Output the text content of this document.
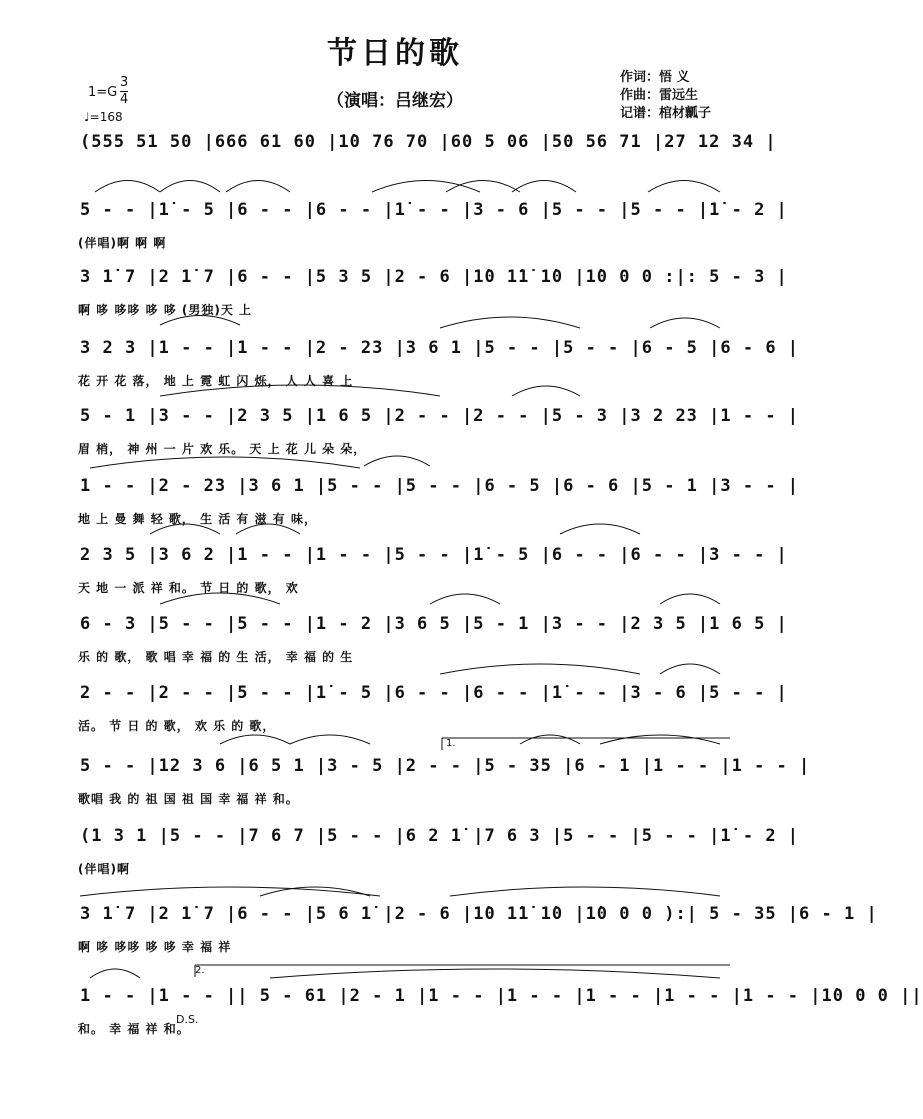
节日的歌
（演唱：吕继宏）
作词：悟 义
作曲：雷远生
记谱：棺材瓤子
1=G
3
4
♩=168
(555 51 50 |666 61 60 |1̇0 76 70 |60 5 06 |50 56 71 |27 12 34 |
5 - - |1̇ - 5 |6 - - |6 - - |1̇ - - |3 - 6 |5 - - |5 - - |1̇ - 2 |
(伴唱)啊 啊 啊
3 1̇ 7 |2 1̇ 7 |6 - - |5 3 5 |2 - 6 |1̇0 1̇1̇ 1̇0 |1̇0 0 0 :|: 5 - 3 |
啊 哆 哆哆 哆 哆 (男独)天 上
3 2 3 |1 - - |1 - - |2 - 23 |3 6 1 |5 - - |5 - - |6 - 5 |6 - 6 |
花 开 花 落， 地 上 霓 虹 闪 烁， 人 人 喜 上
5 - 1 |3 - - |2 3 5 |1 6 5 |2 - - |2 - - |5 - 3 |3 2 23 |1 - - |
眉 梢， 神 州 一 片 欢 乐。 天 上 花 儿 朵 朵，
1 - - |2 - 23 |3 6 1 |5 - - |5 - - |6 - 5 |6 - 6 |5 - 1 |3 - - |
地 上 曼 舞 轻 歌， 生 活 有 滋 有 味，
2 3 5 |3 6 2 |1 - - |1 - - |5 - - |1̇ - 5 |6 - - |6 - - |3 - - |
天 地 一 派 祥 和。 节 日 的 歌， 欢
6 - 3 |5 - - |5 - - |1 - 2 |3 6 5 |5 - 1 |3 - - |2 3 5 |1 6 5 |
乐 的 歌， 歌 唱 幸 福 的 生 活， 幸 福 的 生
2 - - |2 - - |5 - - |1̇ - 5 |6 - - |6 - - |1̇ - - |3 - 6 |5 - - |
活。 节 日 的 歌， 欢 乐 的 歌，
5 - - |12 3 6 |6 5 1 |3 - 5 |2 - - |5 - 35 |6 - 1 |1 - - |1 - - |
歌唱 我 的 祖 国 祖 国 幸 福 祥 和。
(1 3 1 |5 - - |7 6 7 |5 - - |6 2 1̇ |7 6 3 |5 - - |5 - - |1̇ - 2 |
(伴唱)啊
3 1̇ 7 |2 1̇ 7 |6 - - |5 6 1̇ |2 - 6 |1̇0 1̇1̇ 1̇0 |1̇0 0 0 ):| 5 - 35 |6 - 1 |
啊 哆 哆哆 哆 哆 幸 福 祥
1 - - |1 - - || 5 - 61 |2 - 1 |1 - - |1 - - |1 - - |1 - - |1 - - |1̇0 0 0 ||
和。 幸 福 祥 和。
D.S.
1.
2.
